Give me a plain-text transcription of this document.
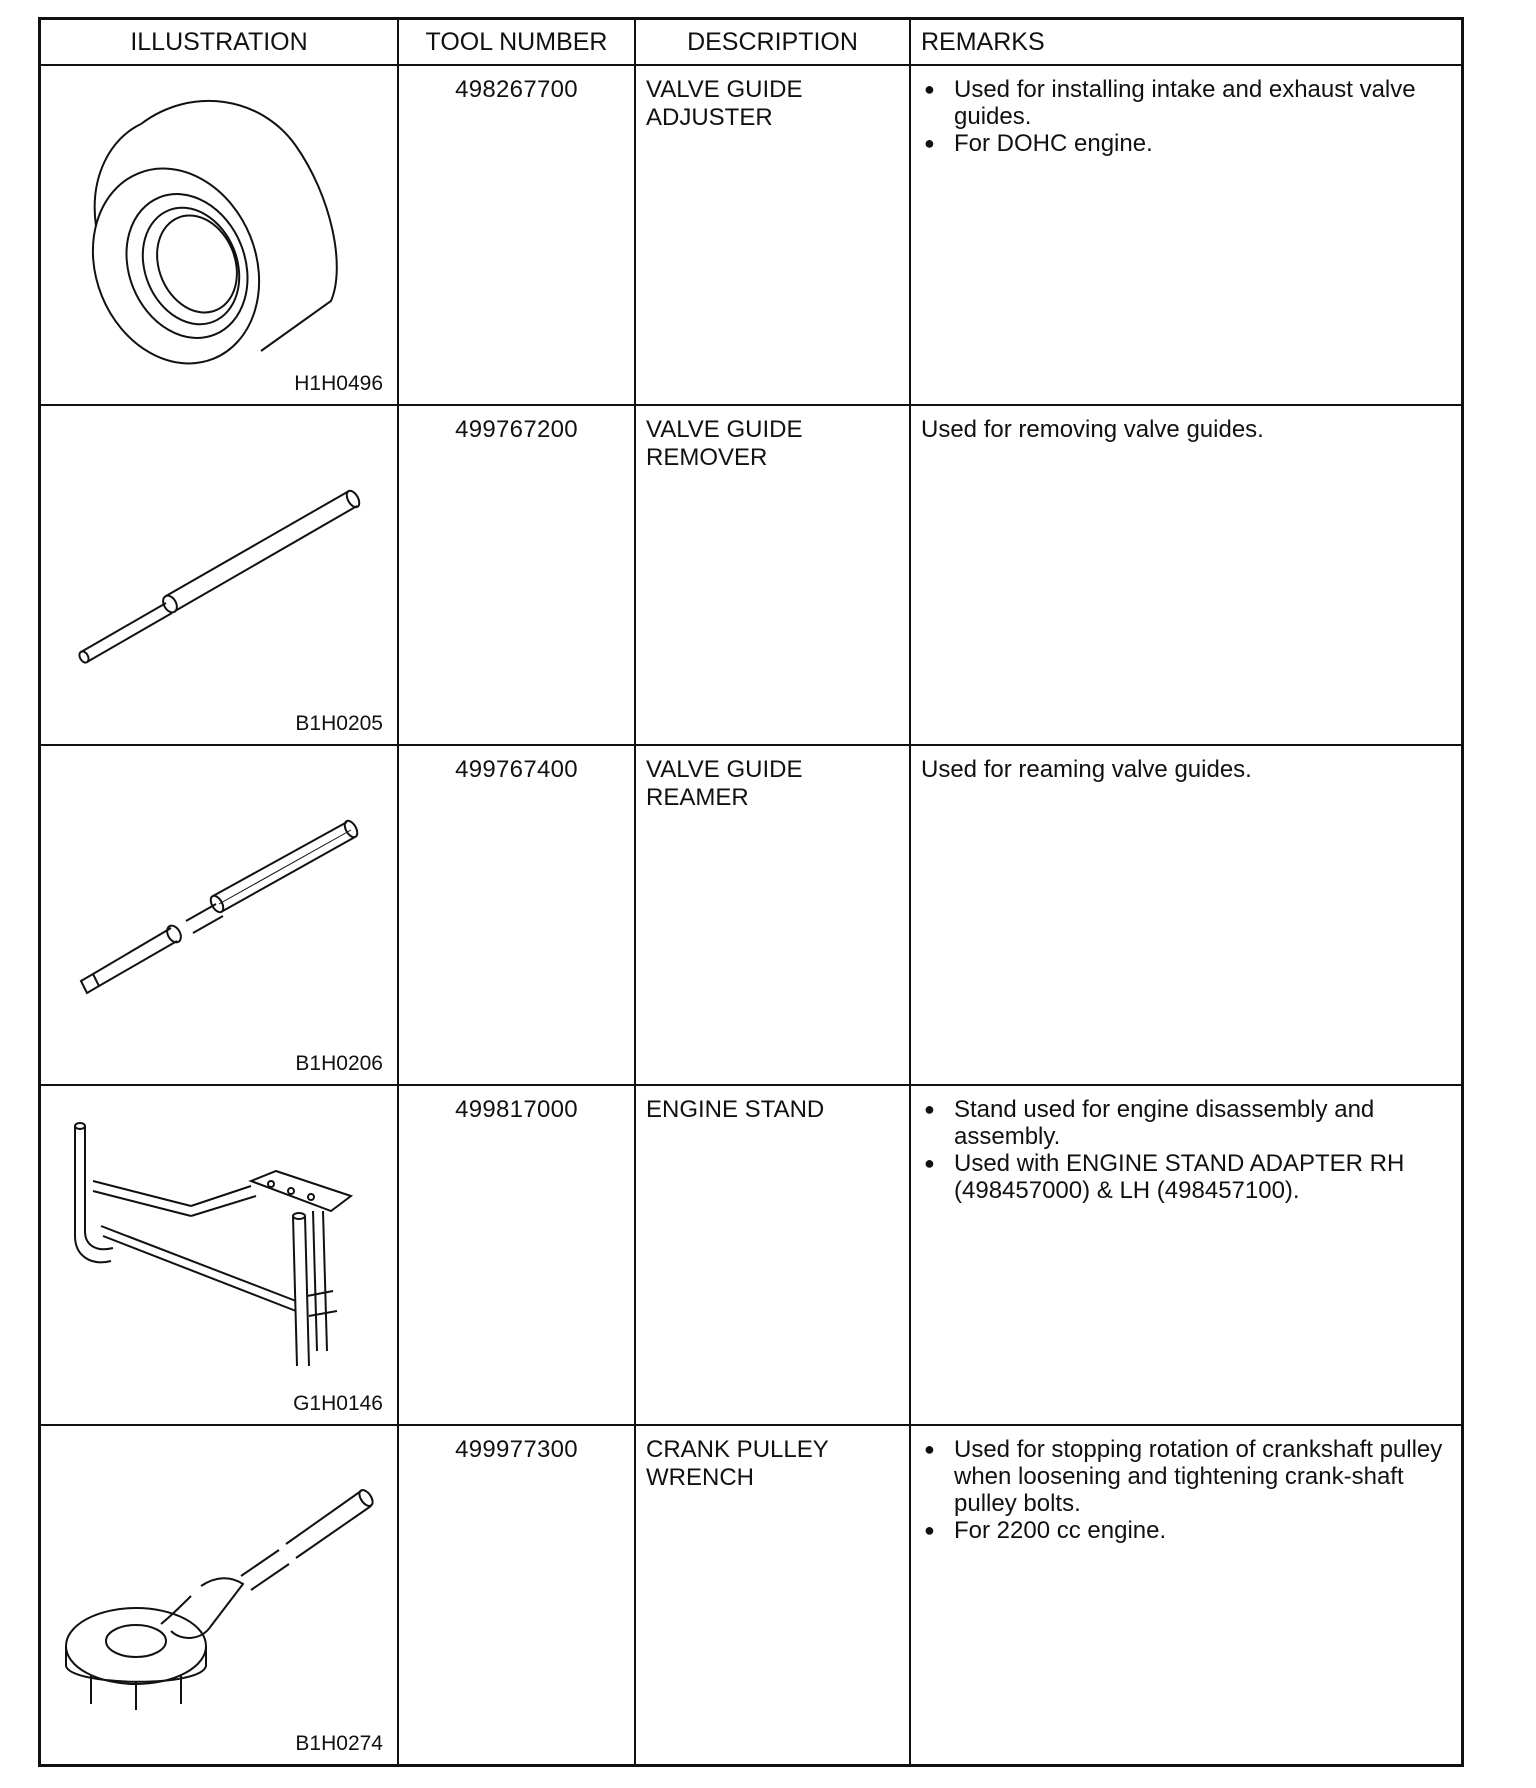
ILLUSTRATION	TOOL NUMBER	DESCRIPTION	REMARKS
H1H0496
498267700	VALVE GUIDE
ADJUSTER
● Used for installing intake and exhaust valve guides.
● For DOHC engine.
B1H0205
499767200	VALVE GUIDE
REMOVER

Used for removing valve guides.

B1H0206
499767400	VALVE GUIDE
REAMER

Used for reaming valve guides.

G1H0146
499817000	ENGINE STAND
●	Stand used for engine disassembly and assembly.
● Used with ENGINE STAND ADAPTER RH (498457000) & LH (498457100).
B1H0274
499977300	CRANK PULLEY
WRENCH
● Used for stopping rotation of crankshaft pulley when loosening and tightening crank-shaft pulley bolts.
● For 2200 cc engine.
